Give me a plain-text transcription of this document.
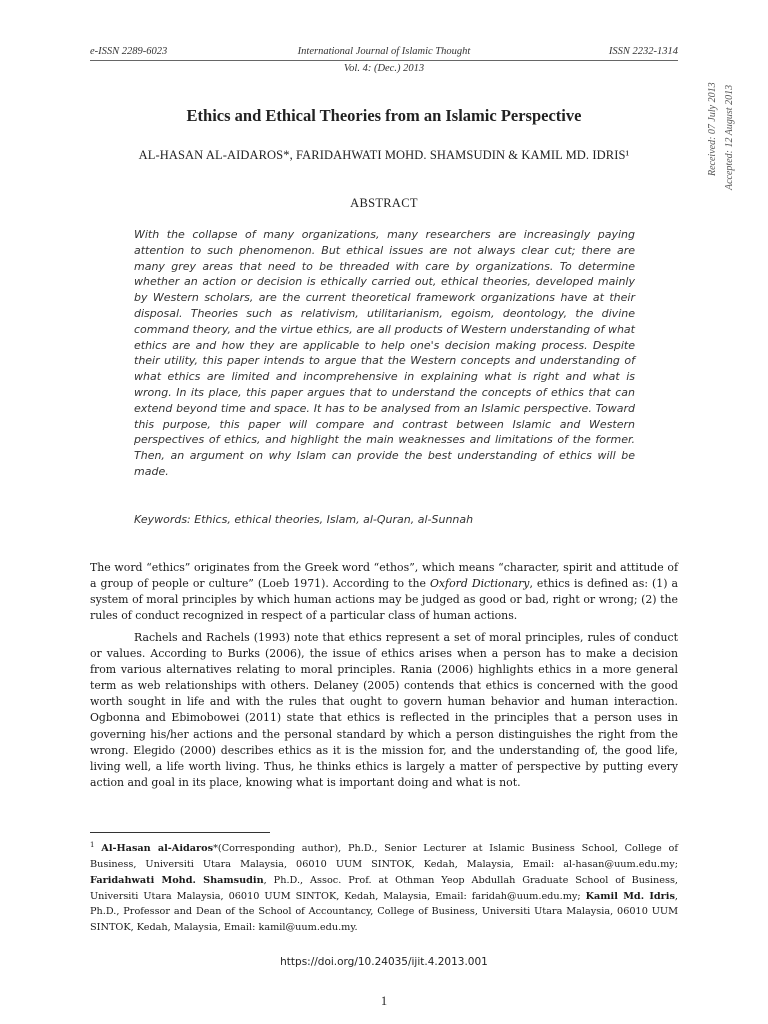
e-ISSN 2289-6023	International Journal of Islamic Thought	ISSN 2232-1314
Vol. 4: (Dec.) 2013
Received: 07 July 2013 Accepted: 12 August 2013
Ethics and Ethical Theories from an Islamic Perspective
AL-HASAN AL-AIDAROS*, FARIDAHWATI MOHD. SHAMSUDIN & KAMIL MD. IDRIS¹
ABSTRACT

With the collapse of many organizations, many researchers are increasingly paying attention to such phenomenon. But ethical issues are not always clear cut; there are many grey areas that need to be threaded with care by organizations. To determine whether an action or decision is ethically carried out, ethical theories, developed mainly by Western scholars, are the current theoretical framework organizations have at their disposal. Theories such as relativism, utilitarianism, egoism, deontology, the divine command theory, and the virtue ethics, are all products of Western understanding of what ethics are and how they are applicable to help one's decision making process. Despite their utility, this paper intends to argue that the Western concepts and understanding of what ethics are limited and incomprehensive in explaining what is right and what is wrong. In its place, this paper argues that to understand the concepts of ethics that can extend beyond time and space. It has to be analysed from an Islamic perspective. Toward this purpose, this paper will compare and contrast between Islamic and Western perspectives of ethics, and highlight the main weaknesses and limitations of the former. Then, an argument on why Islam can provide the best understanding of ethics will be made.

Keywords: Ethics, ethical theories, Islam, al-Quran, al-Sunnah

The word “ethics” originates from the Greek word “ethos”, which means “character, spirit and attitude of a group of people or culture” (Loeb 1971). According to the Oxford Dictionary, ethics is defined as: (1) a system of moral principles by which human actions may be judged as good or bad, right or wrong; (2) the rules of conduct recognized in respect of a particular class of human actions.

Rachels and Rachels (1993) note that ethics represent a set of moral principles, rules of conduct or values. According to Burks (2006), the issue of ethics arises when a person has to make a decision from various alternatives relating to moral principles. Rania (2006) highlights ethics in a more general term as web relationships with others. Delaney (2005) contends that ethics is concerned with the good worth sought in life and with the rules that ought to govern human behavior and human interaction. Ogbonna and Ebimobowei (2011) state that ethics is reflected in the principles that a person uses in governing his/her actions and the personal standard by which a person distinguishes the right from the wrong. Elegido (2000) describes ethics as it is the mission for, and the understanding of, the good life, living well, a life worth living. Thus, he thinks ethics is largely a matter of perspective by putting every action and goal in its place, knowing what is important doing and what is not.

$^1$ Al-Hasan al-Aidaros*(Corresponding author), Ph.D., Senior Lecturer at Islamic Business School, College of Business, Universiti Utara Malaysia, 06010 UUM SINTOK, Kedah, Malaysia, Email: al-hasan@uum.edu.my; Faridahwati Mohd. Shamsudin, Ph.D., Assoc. Prof. at Othman Yeop Abdullah Graduate School of Business, Universiti Utara Malaysia, 06010 UUM SINTOK, Kedah, Malaysia, Email: faridah@uum.edu.my; Kamil Md. Idris, Ph.D., Professor and Dean of the School of Accountancy, College of Business, Universiti Utara Malaysia, 06010 UUM SINTOK, Kedah, Malaysia, Email: kamil@uum.edu.my.

https://doi.org/10.24035/ijit.4.2013.001
1
